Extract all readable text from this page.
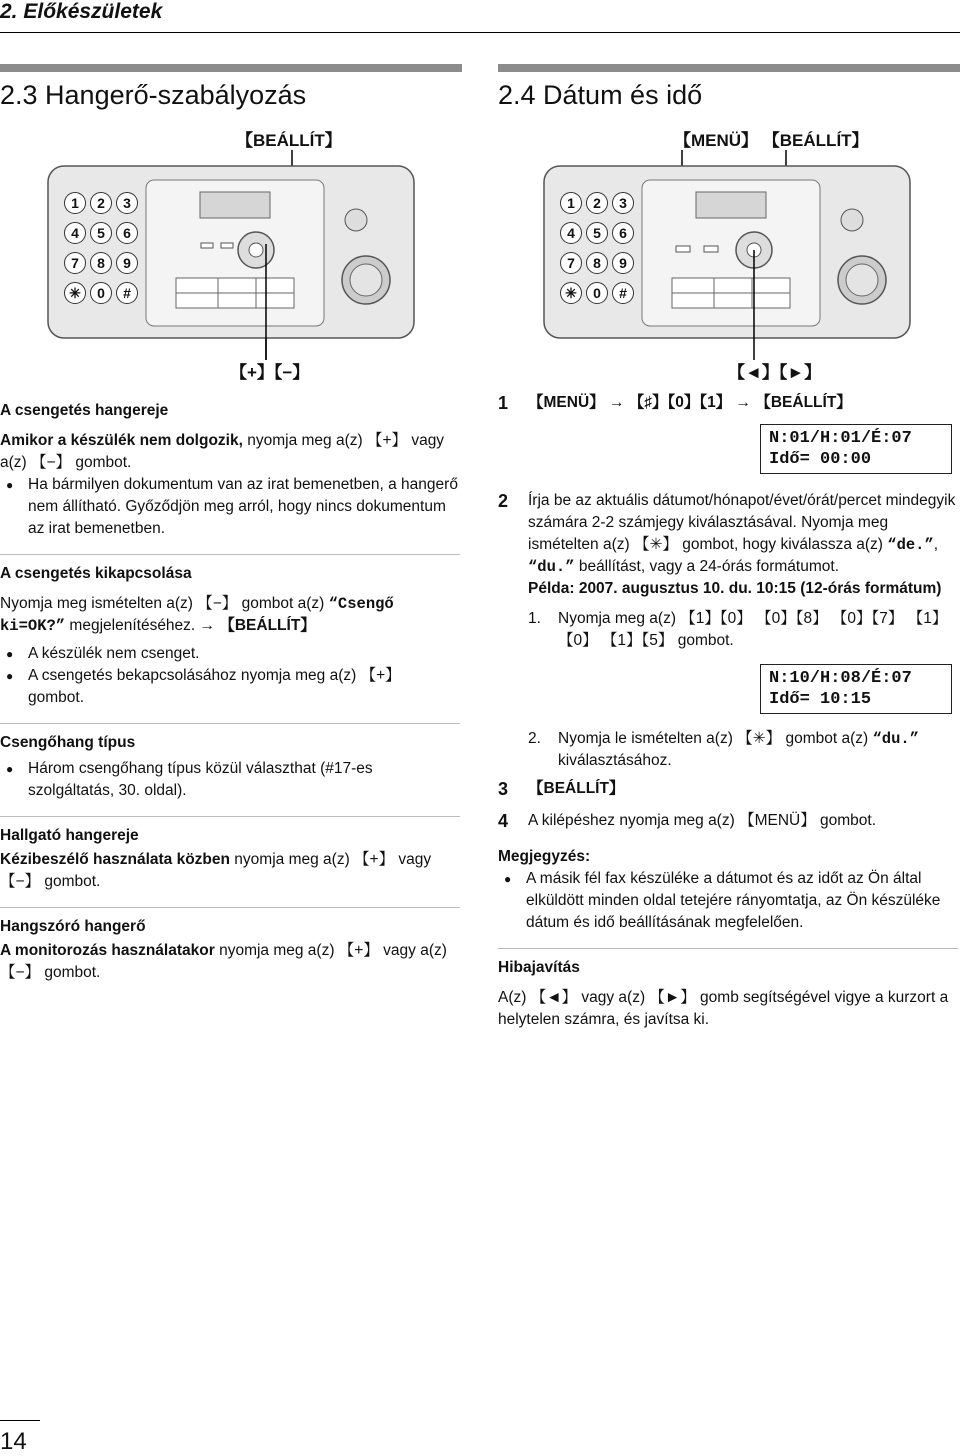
2. Előkészületek
2.3 Hangerő-szabályozás	2.4 Dátum és idő
【BEÁLLÍT】	【MENÜ】 【BEÁLLÍT】
1	2	3
4	5	6
7	8	9
✳	0	#
1	2	3
4	5	6
7	8	9
✳	0	#
【+】【−】	【◄】【►】

A csengetés hangereje

Amikor a készülék nem dolgozik, nyomja meg a(z) 【+】 vagy a(z) 【−】 gombot.

● Ha bármilyen dokumentum van az irat bemenetben, a hangerő nem állítható. Győződjön meg arról, hogy nincs dokumentum az irat bemenetben.

A csengetés kikapcsolása

Nyomja meg ismételten a(z) 【−】 gombot a(z) “Csengő ki=OK?” megjelenítéséhez. → 【BEÁLLÍT】

● A készülék nem csenget.

● A csengetés bekapcsolásához nyomja meg a(z) 【+】 gombot.

Csengőhang típus

● Három csengőhang típus közül választhat (#17-es szolgáltatás, 30. oldal).

Hallgató hangereje

Kézibeszélő használata közben nyomja meg a(z) 【+】 vagy 【−】 gombot.

Hangszóró hangerő

A monitorozás használatakor nyomja meg a(z) 【+】 vagy a(z) 【−】 gombot.

1 【MENÜ】 → 【♯】【0】【1】 → 【BEÁLLÍT】
N:01/H:01/É:07
Idő= 00:00
2 Írja be az aktuális dátumot/hónapot/évet/órát/percet mindegyik számára 2-2 számjegy kiválasztásával. Nyomja meg ismételten a(z) 【✳】 gombot, hogy kiválassza a(z) “de.”, “du.” beállítást, vagy a 24-órás formátumot.

Példa: 2007. augusztus 10. du. 10:15 (12-órás formátum)

1. Nyomja meg a(z) 【1】【0】 【0】【8】 【0】【7】 【1】【0】 【1】【5】 gombot.
N:10/H:08/É:07
Idő= 10:15
2. Nyomja le ismételten a(z) 【✳】 gombot a(z) “du.” kiválasztásához.
3 【BEÁLLÍT】
4 A kilépéshez nyomja meg a(z) 【MENÜ】 gombot.

Megjegyzés:

● A másik fél fax készüléke a dátumot és az időt az Ön által elküldött minden oldal tetejére rányomtatja, az Ön készüléke dátum és idő beállításának megfelelően.

Hibajavítás

A(z) 【◄】 vagy a(z) 【►】 gomb segítségével vigye a kurzort a helytelen számra, és javítsa ki.

14
